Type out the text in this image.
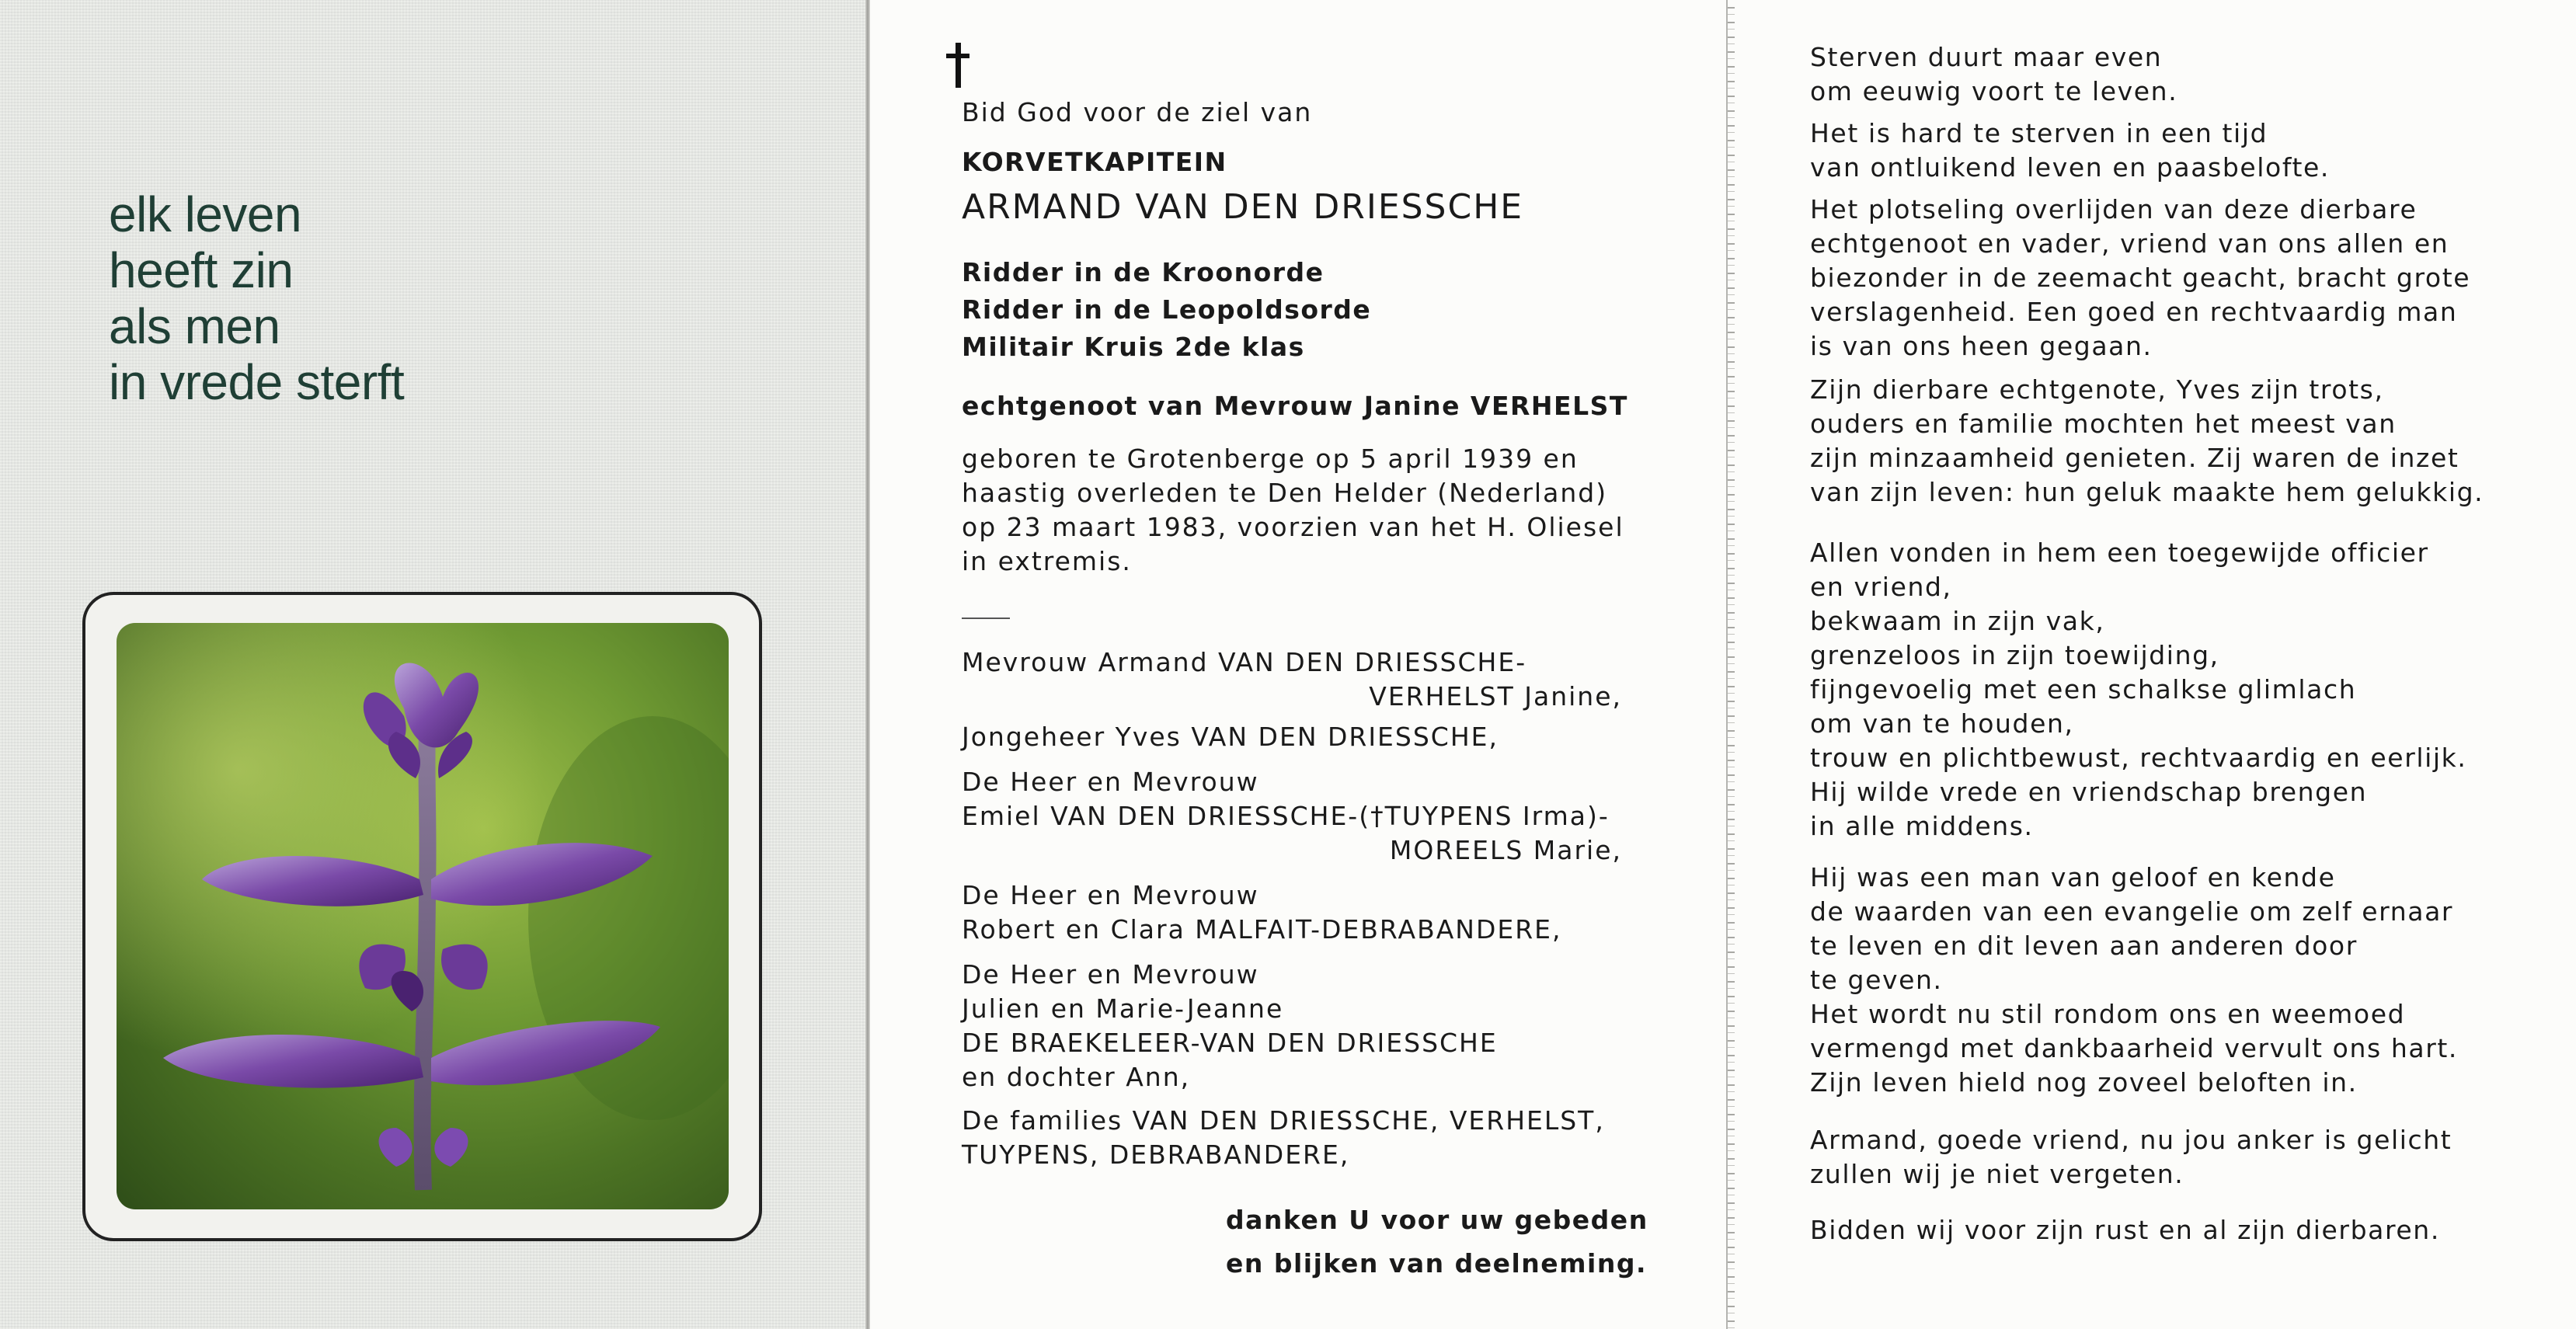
elk leven
heeft zin
als men
in vrede sterft
Bid God voor de ziel van
KORVETKAPITEIN
ARMAND VAN DEN DRIESSCHE
Ridder in de Kroonorde
Ridder in de Leopoldsorde
Militair Kruis 2de klas
echtgenoot van Mevrouw Janine VERHELST
geboren te Grotenberge op 5 april 1939 en
haastig overleden te Den Helder (Nederland)
op 23 maart 1983, voorzien van het H. Oliesel
in extremis.
Mevrouw Armand VAN DEN DRIESSCHE-
VERHELST Janine,
Jongeheer Yves VAN DEN DRIESSCHE,
De Heer en Mevrouw
Emiel VAN DEN DRIESSCHE-(†TUYPENS Irma)-
MOREELS Marie,
De Heer en Mevrouw
Robert en Clara MALFAIT-DEBRABANDERE,
De Heer en Mevrouw
Julien en Marie-Jeanne
DE BRAEKELEER-VAN DEN DRIESSCHE
en dochter Ann,
De families VAN DEN DRIESSCHE, VERHELST,
TUYPENS, DEBRABANDERE,
danken U voor uw gebeden
en blijken van deelneming.
Sterven duurt maar even
om eeuwig voort te leven.
Het is hard te sterven in een tijd
van ontluikend leven en paasbelofte.
Het plotseling overlijden van deze dierbare
echtgenoot en vader, vriend van ons allen en
biezonder in de zeemacht geacht, bracht grote
verslagenheid. Een goed en rechtvaardig man
is van ons heen gegaan.
Zijn dierbare echtgenote, Yves zijn trots,
ouders en familie mochten het meest van
zijn minzaamheid genieten. Zij waren de inzet
van zijn leven: hun geluk maakte hem gelukkig.
Allen vonden in hem een toegewijde officier
en vriend,
bekwaam in zijn vak,
grenzeloos in zijn toewijding,
fijngevoelig met een schalkse glimlach
om van te houden,
trouw en plichtbewust, rechtvaardig en eerlijk.
Hij wilde vrede en vriendschap brengen
in alle middens.
Hij was een man van geloof en kende
de waarden van een evangelie om zelf ernaar
te leven en dit leven aan anderen door
te geven.
Het wordt nu stil rondom ons en weemoed
vermengd met dankbaarheid vervult ons hart.
Zijn leven hield nog zoveel beloften in.
Armand, goede vriend, nu jou anker is gelicht
zullen wij je niet vergeten.
Bidden wij voor zijn rust en al zijn dierbaren.
